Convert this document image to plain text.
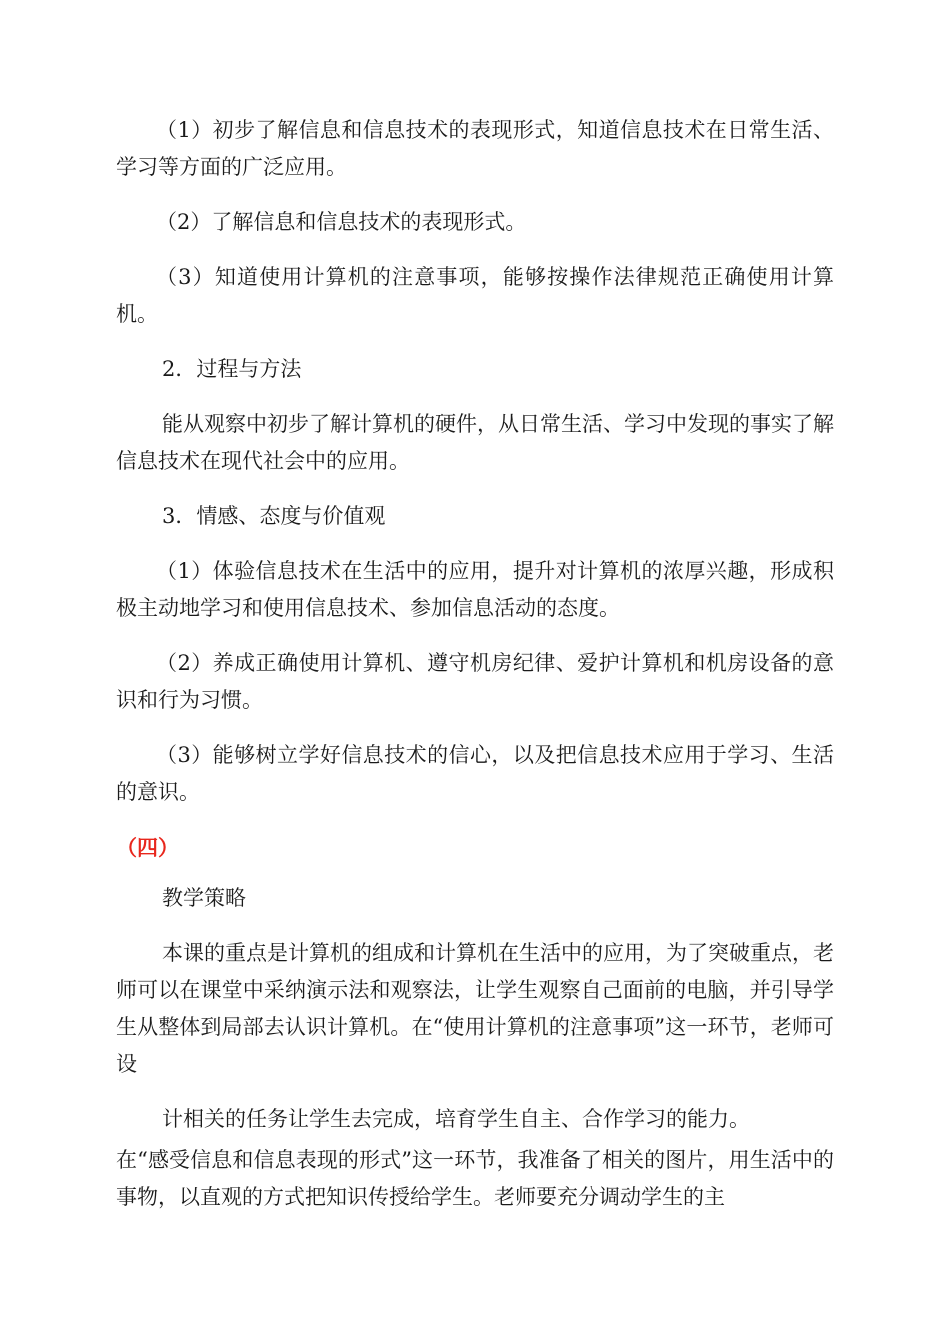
（1）初步了解信息和信息技术的表现形式，知道信息技术在日常生活、学习等方面的广泛应用。

（2）了解信息和信息技术的表现形式。

（3）知道使用计算机的注意事项，能够按操作法律规范正确使用计算机。

2．过程与方法

能从观察中初步了解计算机的硬件，从日常生活、学习中发现的事实了解信息技术在现代社会中的应用。

3．情感、态度与价值观

（1）体验信息技术在生活中的应用，提升对计算机的浓厚兴趣，形成积极主动地学习和使用信息技术、参加信息活动的态度。

（2）养成正确使用计算机、遵守机房纪律、爱护计算机和机房设备的意识和行为习惯。

（3）能够树立学好信息技术的信心，以及把信息技术应用于学习、生活的意识。

（四）

教学策略

本课的重点是计算机的组成和计算机在生活中的应用，为了突破重点，老师可以在课堂中采纳演示法和观察法，让学生观察自己面前的电脑，并引导学生从整体到局部去认识计算机。在“使用计算机的注意事项”这一环节，老师可设

计相关的任务让学生去完成，培育学生自主、合作学习的能力。

在“感受信息和信息表现的形式”这一环节，我准备了相关的图片，用生活中的事物，以直观的方式把知识传授给学生。老师要充分调动学生的主
